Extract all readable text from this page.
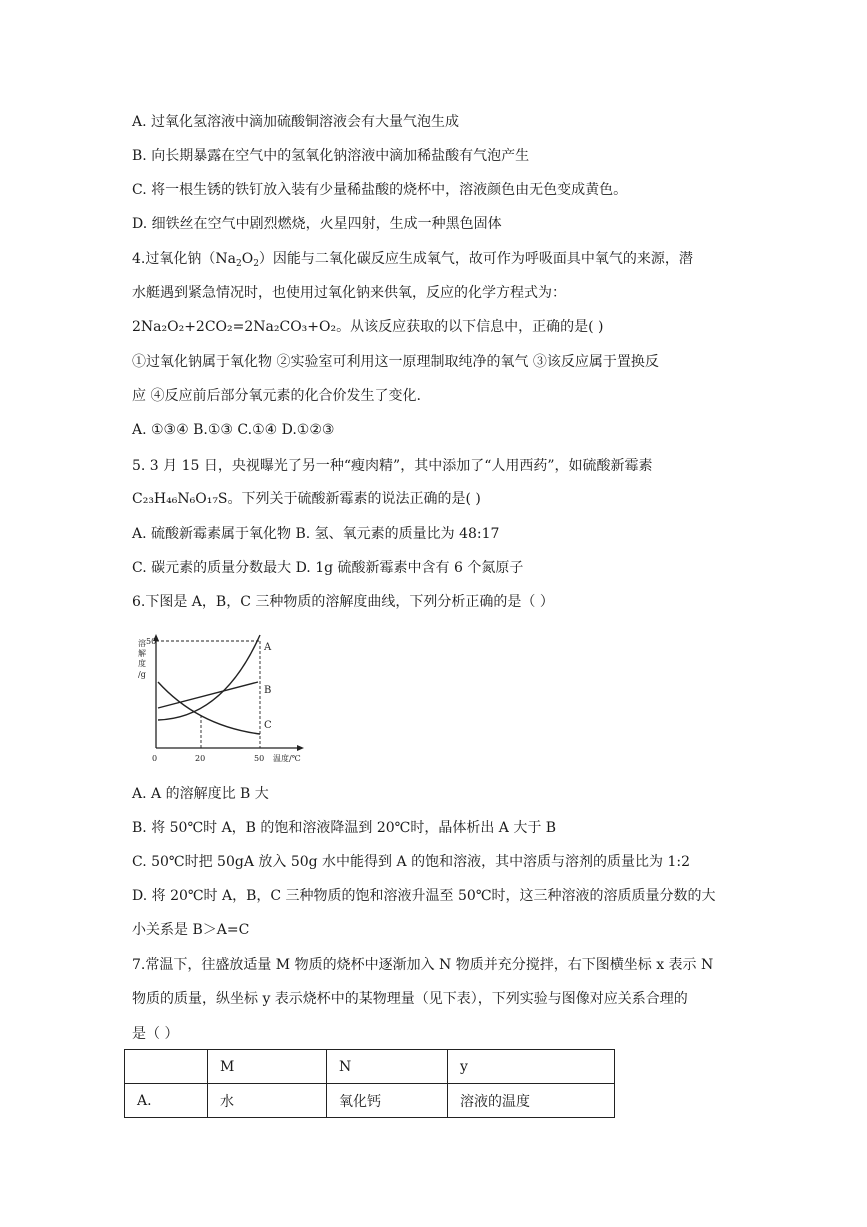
A. 过氧化氢溶液中滴加硫酸铜溶液会有大量气泡生成
B. 向长期暴露在空气中的氢氧化钠溶液中滴加稀盐酸有气泡产生
C. 将一根生锈的铁钉放入装有少量稀盐酸的烧杯中，溶液颜色由无色变成黄色。
D. 细铁丝在空气中剧烈燃烧，火星四射，生成一种黑色固体
4.过氧化钠$(Na_2O_2)$因能与二氧化碳反应生成氧气，故可作为呼吸面具中氧气的来源，潜
水艇遇到紧急情况时，也使用过氧化钠来供氧，反应的化学方程式为：
2Na₂O₂+2CO₂=2Na₂CO₃+O₂。从该反应获取的以下信息中，正确的是( )
①过氧化钠属于氧化物 ②实验室可利用这一原理制取纯净的氧气 ③该反应属于置换反
应 ④反应前后部分氧元素的化合价发生了变化.
A. ①③④ B.①③ C.①④ D.①②③
5. 3 月 15 日，央视曝光了另一种“瘦肉精”，其中添加了“人用西药”，如硫酸新霉素
C₂₃H₄₆N₆O₁₇S。下列关于硫酸新霉素的说法正确的是( )
A. 硫酸新霉素属于氧化物 B. 氢、氧元素的质量比为 48:17
C. 碳元素的质量分数最大 D. 1g 硫酸新霉素中含有 6 个氮原子
6.下图是 A，B，C 三种物质的溶解度曲线，下列分析正确的是（ ）
溶
解
度
/g
50
0	20	50 温度/℃
A
B
C
A. A 的溶解度比 B 大
B. 将 50℃时 A，B 的饱和溶液降温到 20℃时，晶体析出 A 大于 B
C. 50℃时把 50gA 放入 50g 水中能得到 A 的饱和溶液，其中溶质与溶剂的质量比为 1:2
D. 将 20℃时 A，B，C 三种物质的饱和溶液升温至 50℃时，这三种溶液的溶质质量分数的大
小关系是 B＞A=C
7.常温下，往盛放适量 M 物质的烧杯中逐渐加入 N 物质并充分搅拌，右下图横坐标 x 表示 N
物质的质量，纵坐标 y 表示烧杯中的某物理量（见下表），下列实验与图像对应关系合理的
是（ ）
	M	N	y
A.	水	氧化钙	溶液的温度
